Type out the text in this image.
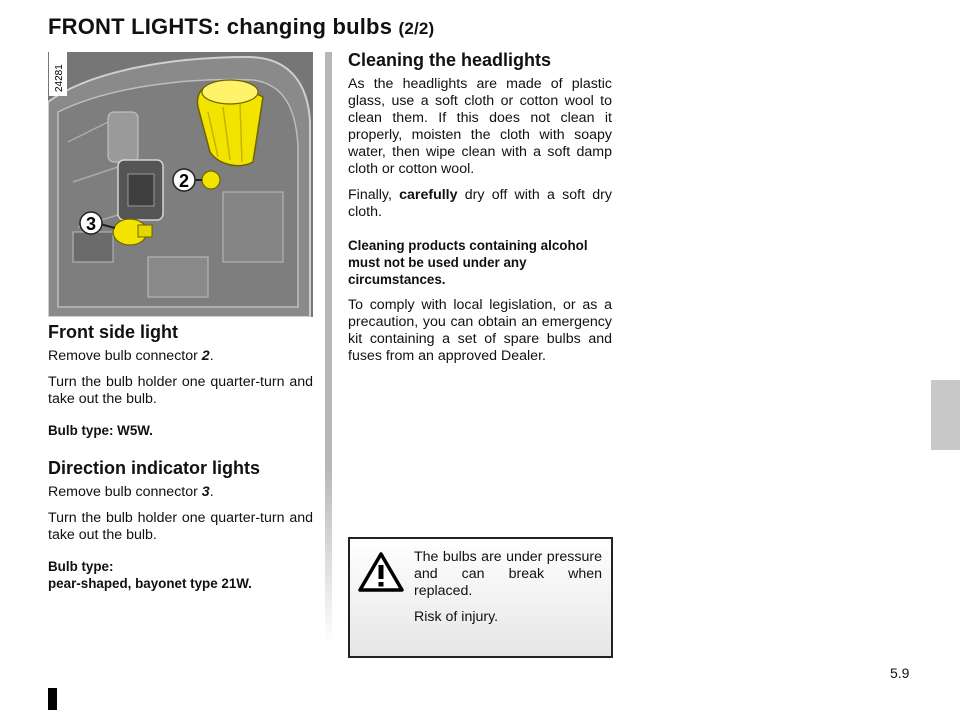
FRONT LIGHTS: changing bulbs (2/2)
2
3
24281
Front side light

Remove bulb connector 2.

Turn the bulb holder one quarter-turn and take out the bulb.

Bulb type: W5W.

Direction indicator lights

Remove bulb connector 3.

Turn the bulb holder one quarter-turn and take out the bulb.

Bulb type:

pear-shaped, bayonet type 21W.

Cleaning the headlights

As the headlights are made of plastic glass, use a soft cloth or cotton wool to clean them. If this does not clean it properly, moisten the cloth with soapy water, then wipe clean with a soft damp cloth or cotton wool.

Finally, carefully dry off with a soft dry cloth.

Cleaning products containing alcohol must not be used under any circumstances.

To comply with local legislation, or as a precaution, you can obtain an emergency kit containing a set of spare bulbs and fuses from an approved Dealer.

The bulbs are under pressure and can break when replaced.

Risk of injury.

5.9
